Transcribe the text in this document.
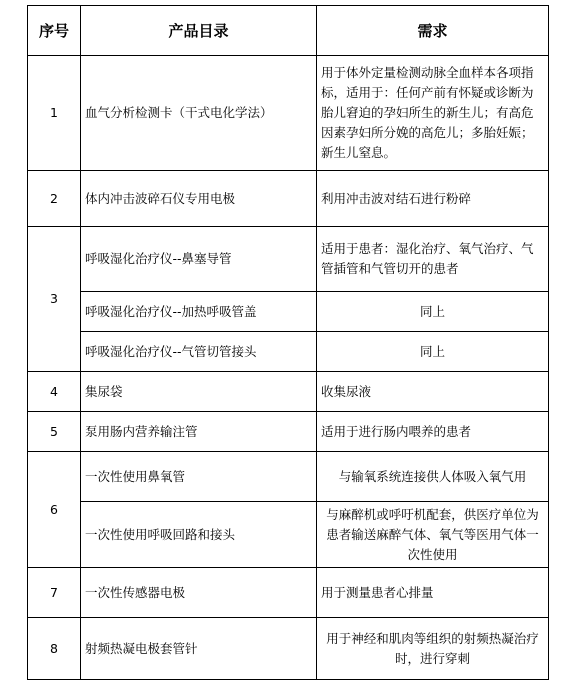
序号	产品目录	需求
1	血气分析检测卡（干式电化学法）	用于体外定量检测动脉全血样本各项指标，适用于：任何产前有怀疑或诊断为胎儿窘迫的孕妇所生的新生儿；有高危因素孕妇所分娩的高危儿；多胎妊娠；新生儿窒息。
2	体内冲击波碎石仪专用电极	利用冲击波对结石进行粉碎
3	呼吸湿化治疗仪--鼻塞导管	适用于患者：湿化治疗、氧气治疗、气管插管和气管切开的患者
	呼吸湿化治疗仪--加热呼吸管盖	同上
	呼吸湿化治疗仪--气管切管接头	同上
4	集尿袋	收集尿液
5	泵用肠内营养输注管	适用于进行肠内喂养的患者
6	一次性使用鼻氧管	与输氧系统连接供人体吸入氧气用
	一次性使用呼吸回路和接头	与麻醉机或呼吁机配套，供医疗单位为患者输送麻醉气体、氧气等医用气体一次性使用
7	一次性传感器电极	用于测量患者心排量
8	射频热凝电极套管针	用于神经和肌肉等组织的射频热凝治疗时，进行穿刺
